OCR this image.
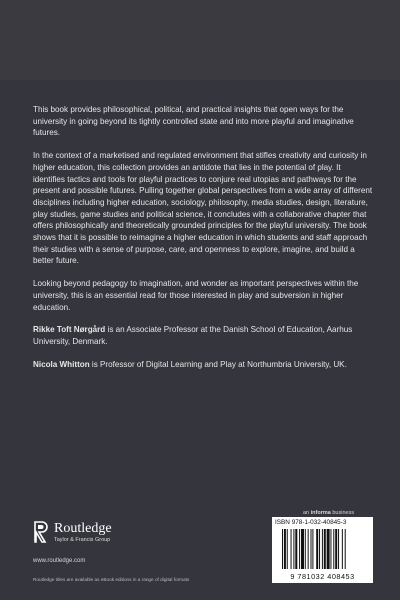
This book provides philosophical, political, and practical insights that open ways for the university in going beyond its tightly controlled state and into more playful and imaginative futures.

In the context of a marketised and regulated environment that stifles creativity and curiosity in higher education, this collection provides an antidote that lies in the potential of play. It identifies tactics and tools for playful practices to conjure real utopias and pathways for the present and possible futures. Pulling together global perspectives from a wide array of different disciplines including higher education, sociology, philosophy, media studies, design, literature, play studies, game studies and political science, it concludes with a collaborative chapter that offers philosophically and theoretically grounded principles for the playful university. The book shows that it is possible to reimagine a higher education in which students and staff approach their studies with a sense of purpose, care, and openness to explore, imagine, and build a better future.

Looking beyond pedagogy to imagination, and wonder as important perspectives within the university, this is an essential read for those interested in play and subversion in higher education.

Rikke Toft Nørgård is an Associate Professor at the Danish School of Education, Aarhus University, Denmark.

Nicola Whitton is Professor of Digital Learning and Play at Northumbria University, UK.

Routledge
Taylor & Francis Group
www.routledge.com
Routledge titles are available as eBook editions in a range of digital formats
an informa business
ISBN 978-1-032-40845-3
9 781032 408453
